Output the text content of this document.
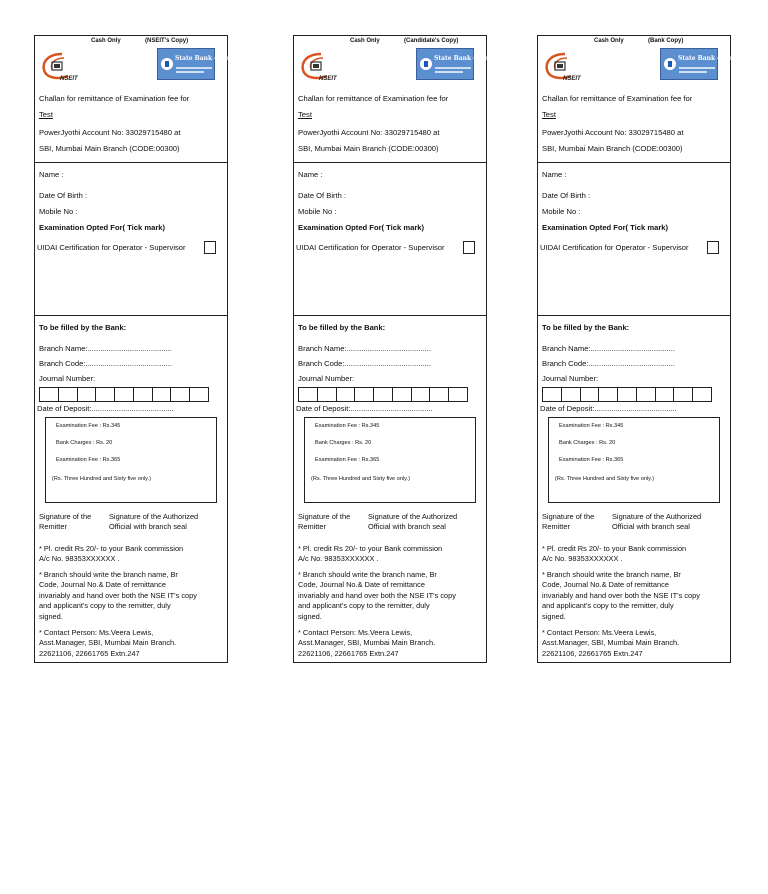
Cash Only	(NSEIT's Copy)
NSEIT
State Bank of India
Challan for remittance of Examination fee for
Test
PowerJyothi Account No: 33029715480 at
SBI, Mumbai Main Branch (CODE:00300)
Name :
Date Of Birth :
Mobile No :
Examination Opted For( Tick mark)
UIDAI Certification for Operator - Supervisor
To be filled by the Bank:
Branch Name:........................................
Branch Code:.........................................
Journal Number:
Date of Deposit:.......................................
Examination Fee : Rs.345
Bank Charges : Rs. 20
Examination Fee : Rs.365
(Rs. Three Hundred and Sixty five only.)
Signature of the
Remitter
Signature of the Authorized
Official with branch seal
* Pl. credit Rs 20/- to your Bank commission
A/c No. 98353XXXXXX .
* Branch should write the branch name, Br
Code, Journal No.& Date of remittance
invariably and hand over both the NSE IT's copy
and applicant's copy to the remitter, duly
signed.
* Contact Person: Ms.Veera Lewis,
Asst.Manager, SBI, Mumbai Main Branch.
22621106, 22661765 Extn.247
Cash Only	(Candidate's Copy)
NSEIT
State Bank of India
Challan for remittance of Examination fee for
Test
PowerJyothi Account No: 33029715480 at
SBI, Mumbai Main Branch (CODE:00300)
Name :
Date Of Birth :
Mobile No :
Examination Opted For( Tick mark)
UIDAI Certification for Operator - Supervisor
To be filled by the Bank:
Branch Name:........................................
Branch Code:.........................................
Journal Number:
Date of Deposit:.......................................
Examination Fee : Rs.345
Bank Charges : Rs. 20
Examination Fee : Rs.365
(Rs. Three Hundred and Sixty five only.)
Signature of the
Remitter
Signature of the Authorized
Official with branch seal
* Pl. credit Rs 20/- to your Bank commission
A/c No. 98353XXXXXX .
* Branch should write the branch name, Br
Code, Journal No.& Date of remittance
invariably and hand over both the NSE IT's copy
and applicant's copy to the remitter, duly
signed.
* Contact Person: Ms.Veera Lewis,
Asst.Manager, SBI, Mumbai Main Branch.
22621106, 22661765 Extn.247
Cash Only	(Bank Copy)
NSEIT
State Bank of India
Challan for remittance of Examination fee for
Test
PowerJyothi Account No: 33029715480 at
SBI, Mumbai Main Branch (CODE:00300)
Name :
Date Of Birth :
Mobile No :
Examination Opted For( Tick mark)
UIDAI Certification for Operator - Supervisor
To be filled by the Bank:
Branch Name:........................................
Branch Code:.........................................
Journal Number:
Date of Deposit:.......................................
Examination Fee : Rs.345
Bank Charges : Rs. 20
Examination Fee : Rs.365
(Rs. Three Hundred and Sixty five only.)
Signature of the
Remitter
Signature of the Authorized
Official with branch seal
* Pl. credit Rs 20/- to your Bank commission
A/c No. 98353XXXXXX .
* Branch should write the branch name, Br
Code, Journal No.& Date of remittance
invariably and hand over both the NSE IT's copy
and applicant's copy to the remitter, duly
signed.
* Contact Person: Ms.Veera Lewis,
Asst.Manager, SBI, Mumbai Main Branch.
22621106, 22661765 Extn.247
